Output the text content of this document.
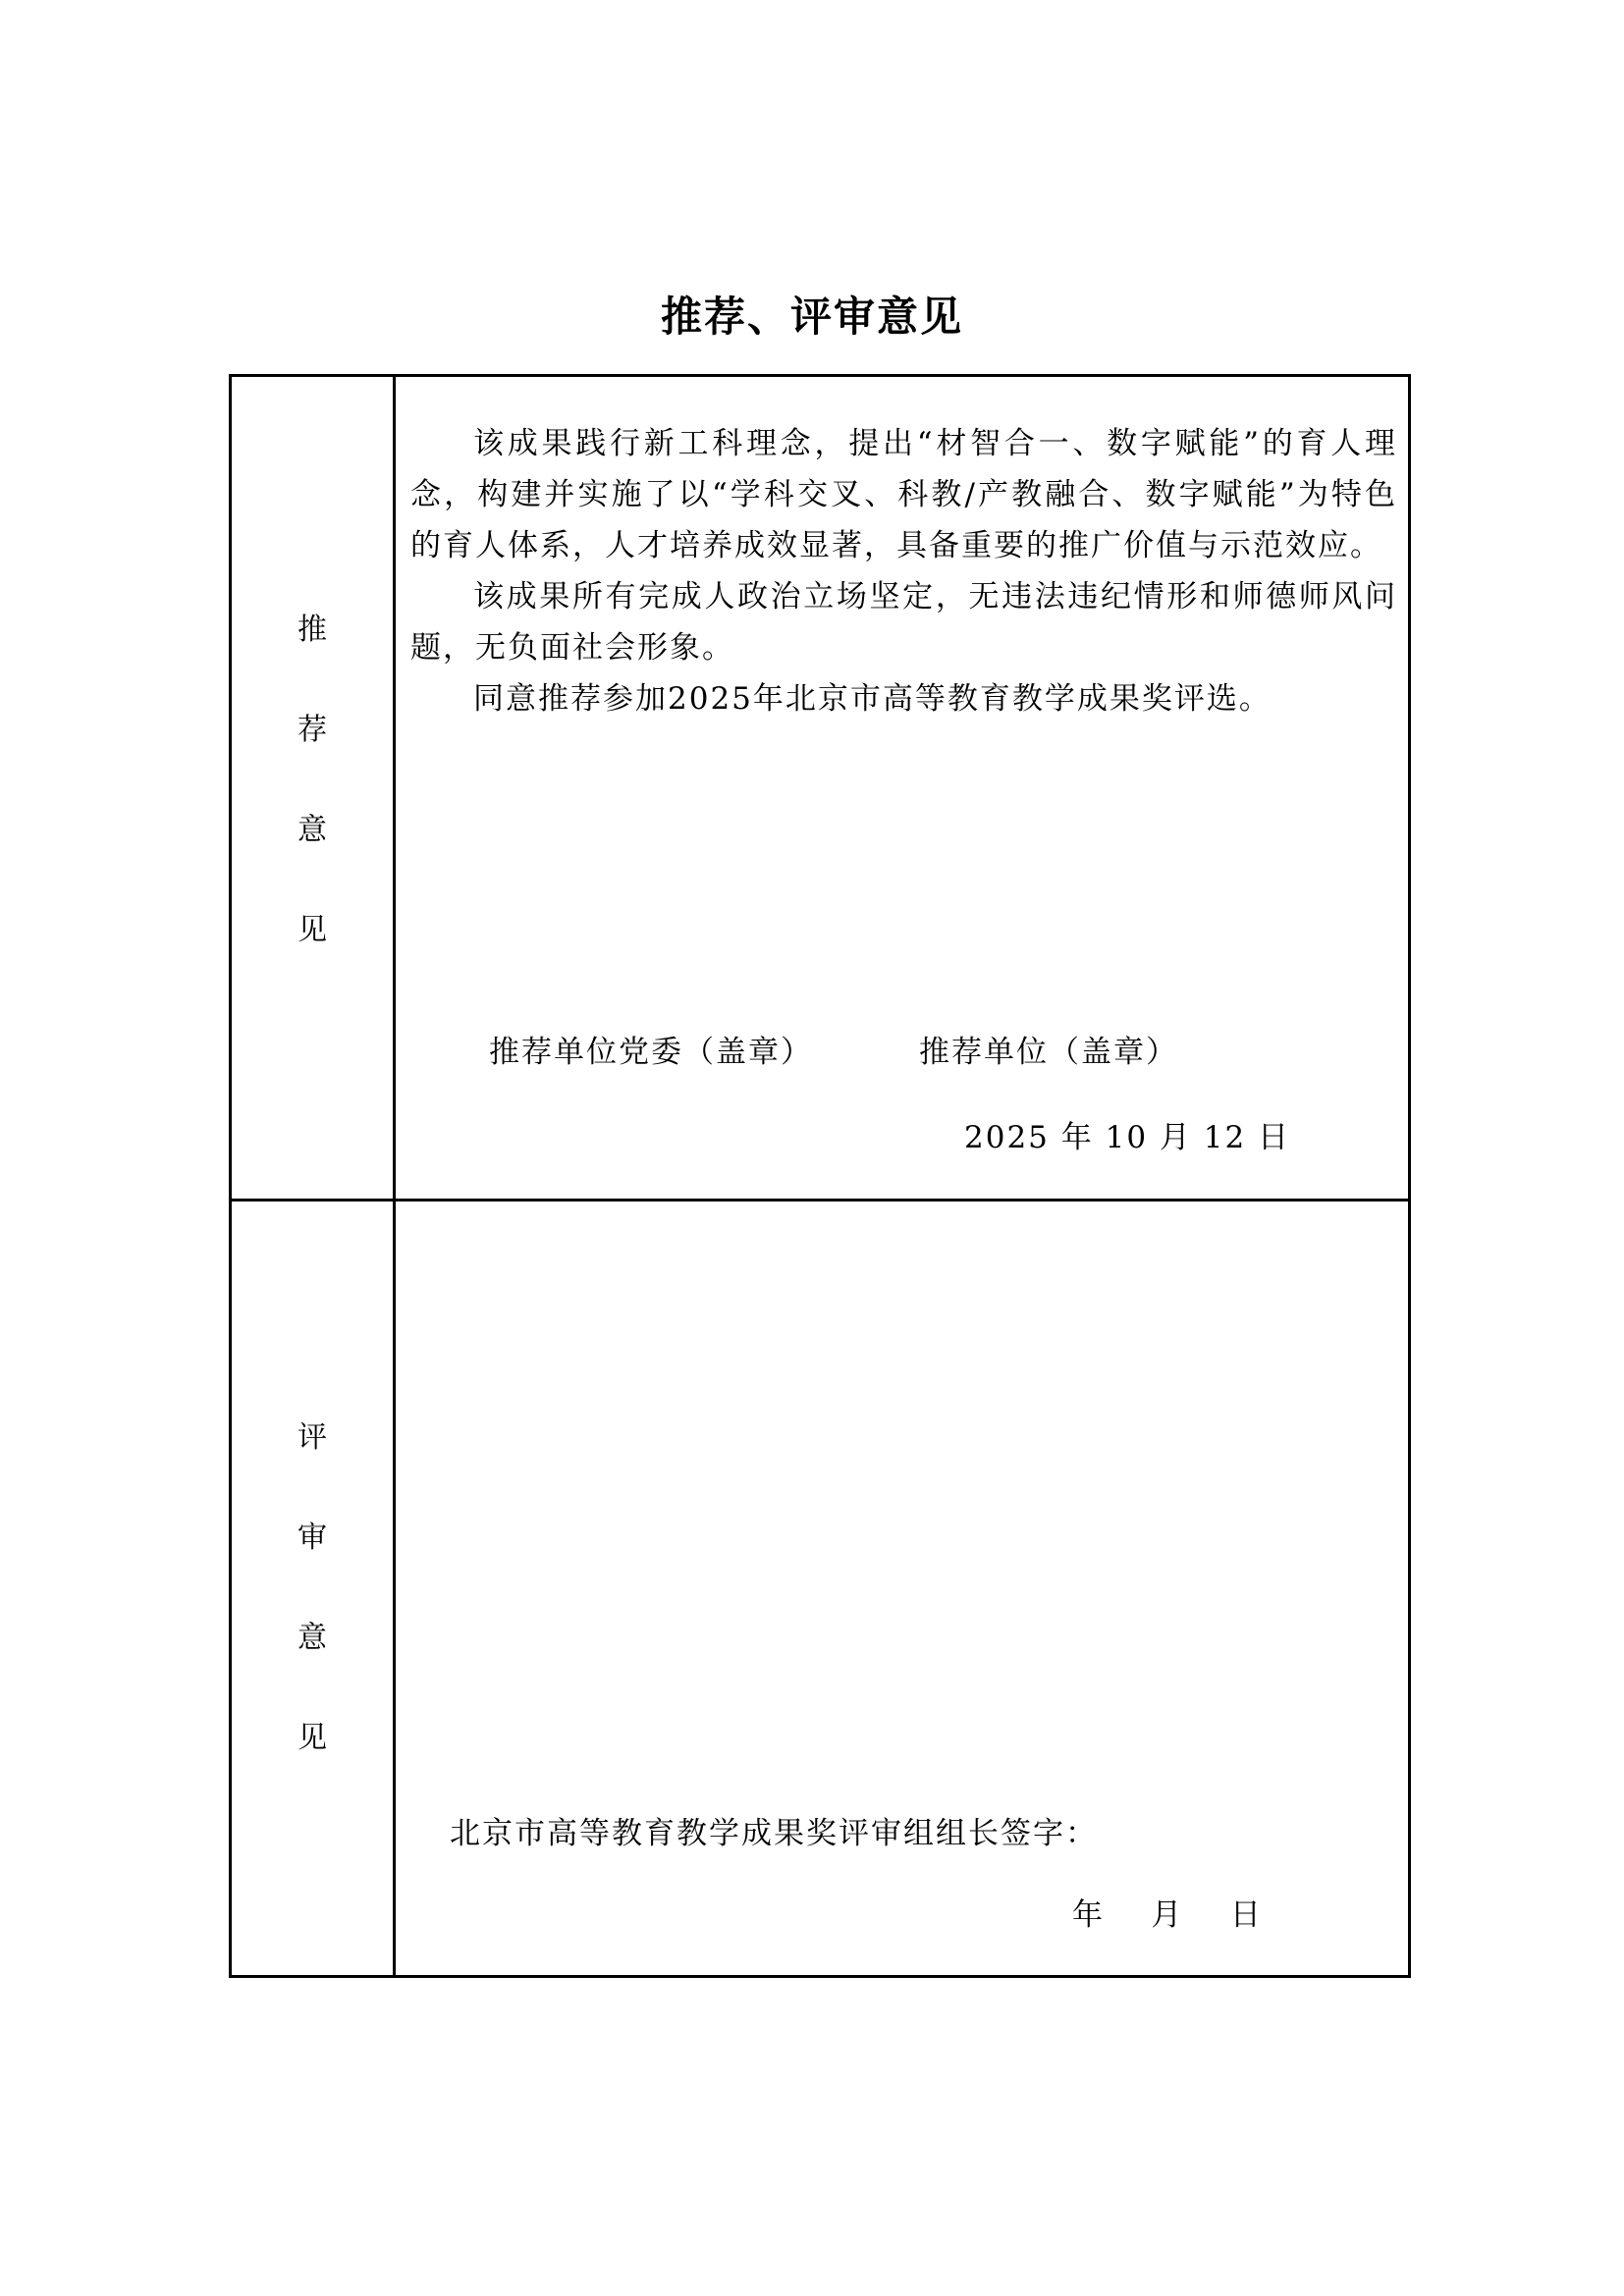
推荐、评审意见
推
荐
意
见
评
审
意
见

该成果践行新工科理念，提出“材智合一、数字赋能”的育人理念，构建并实施了以“学科交叉、科教/产教融合、数字赋能”为特色的育人体系，人才培养成效显著，具备重要的推广价值与示范效应。

该成果所有完成人政治立场坚定，无违法违纪情形和师德师风问题，无负面社会形象。

同意推荐参加2025年北京市高等教育教学成果奖评选。

推荐单位党委（盖章）	推荐单位（盖章）
2025 年 10 月 12 日
北京市高等教育教学成果奖评审组组长签字：
年    月    日
